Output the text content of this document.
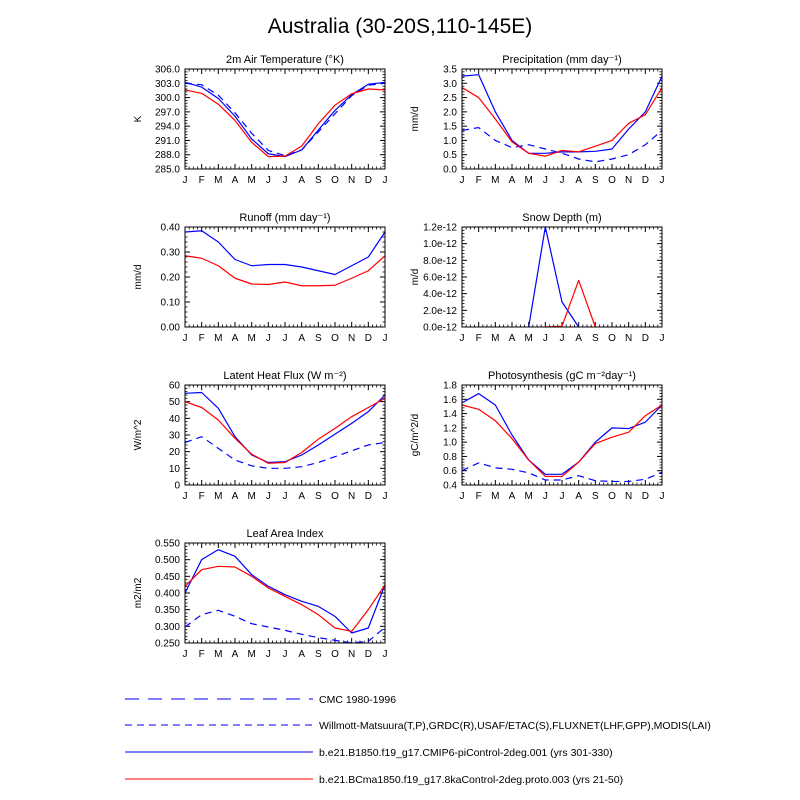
Australia (30-20S,110-145E)
2m Air Temperature (°K)
K
J F M A M J J A S O N D J
285.0
288.0
291.0
294.0
297.0
300.0
303.0
306.0
Precipitation (mm day⁻¹)
mm/d
J F M A M J J A S O N D J
0.0
0.5
1.0
1.5
2.0
2.5
3.0
3.5
Runoff (mm day⁻¹)
mm/d
J F M A M J J A S O N D J
0.00
0.10
0.20
0.30
0.40
Snow Depth (m)
m/d
J F M A M J J A S O N D J
0.0e-12
2.0e-12
4.0e-12
6.0e-12
8.0e-12
1.0e-12
1.2e-12
Latent Heat Flux (W m⁻²)
W/m^2
J F M A M J J A S O N D J
0
10
20
30
40
50
60
Photosynthesis (gC m⁻²day⁻¹)
gC/m^2/d
J F M A M J J A S O N D J
0.4
0.6
0.8
1.0
1.2
1.4
1.6
1.8
Leaf Area Index
m2/m2
J F M A M J J A S O N D J
0.250
0.300
0.350
0.400
0.450
0.500
0.550
CMC 1980-1996
Willmott-Matsuura(T,P),GRDC(R),USAF/ETAC(S),FLUXNET(LHF,GPP),MODIS(LAI)
b.e21.B1850.f19_g17.CMIP6-piControl-2deg.001 (yrs 301-330)
b.e21.BCma1850.f19_g17.8kaControl-2deg.proto.003 (yrs 21-50)
